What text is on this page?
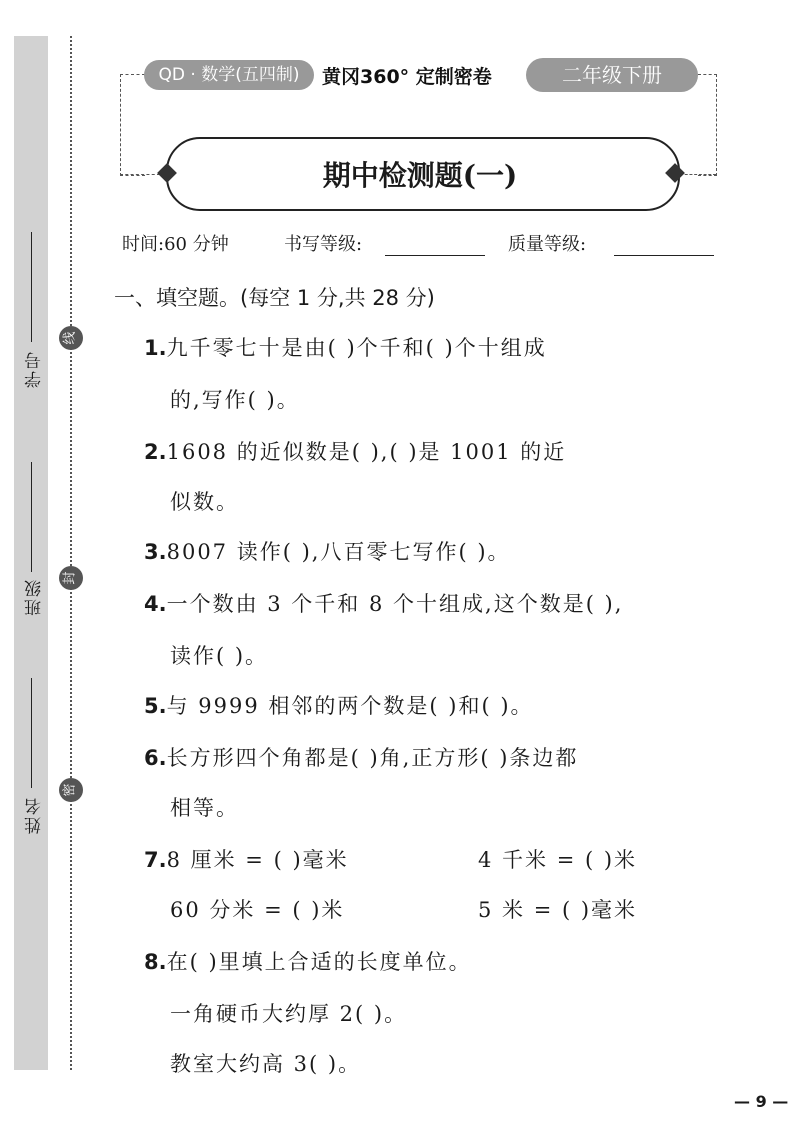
学号
班级
姓名
线
封
密
QD · 数学(五四制)	黄冈360° 定制密卷	二年级下册
期中检测题(一)
时间:60 分钟	书写等级:	质量等级:
一、填空题。(每空 1 分,共 28 分)
1.九千零七十是由( )个千和( )个十组成
的,写作( )。
2.1608 的近似数是( ),( )是 1001 的近
似数。
3.8007 读作( ),八百零七写作( )。
4.一个数由 3 个千和 8 个十组成,这个数是( ),
读作( )。
5.与 9999 相邻的两个数是( )和( )。
6.长方形四个角都是( )角,正方形( )条边都
相等。
7.8 厘米 = ( )毫米	4 千米 = ( )米
60 分米 = ( )米	5 米 = ( )毫米
8.在( )里填上合适的长度单位。
一角硬币大约厚 2( )。
教室大约高 3( )。
— 9 —
